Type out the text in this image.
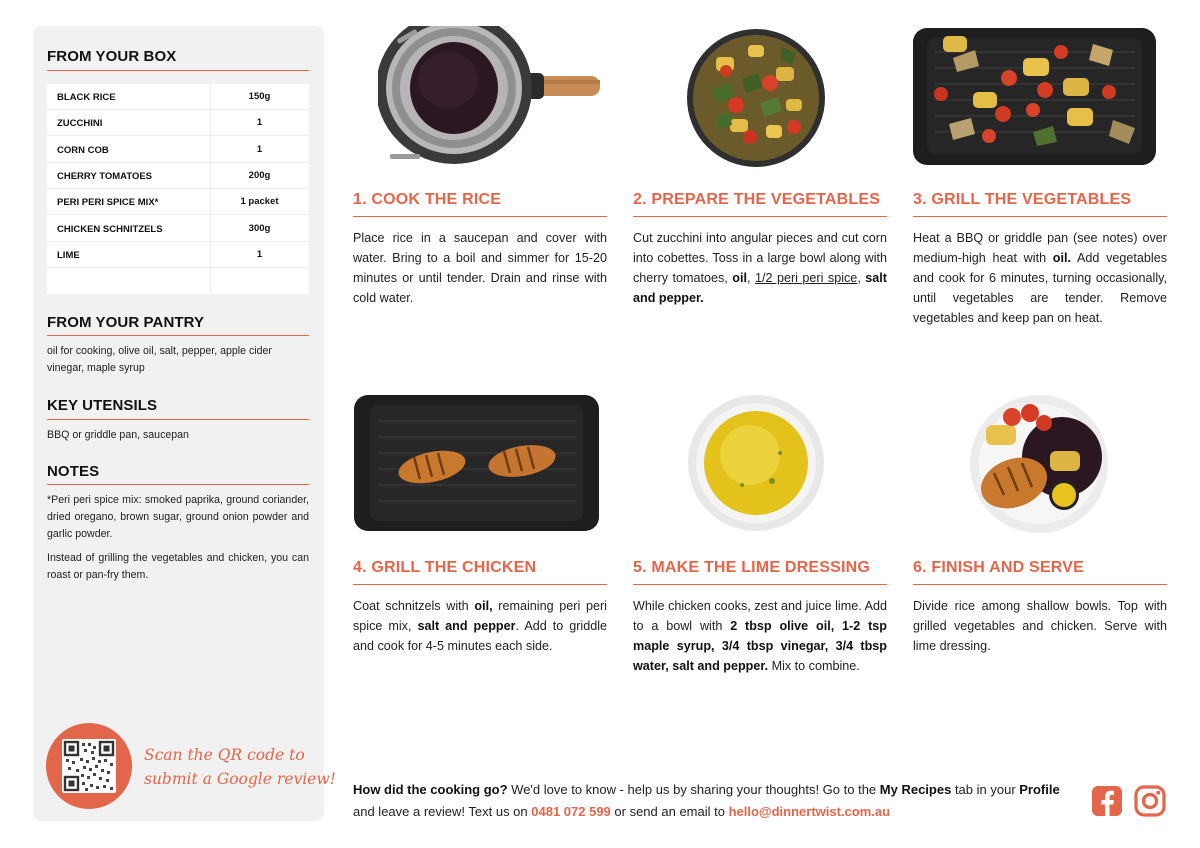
FROM YOUR BOX
BLACK RICE	150g
ZUCCHINI	1
CORN COB	1
CHERRY TOMATOES	200g
PERI PERI SPICE MIX*	1 packet
CHICKEN SCHNITZELS	300g
LIME	1
FROM YOUR PANTRY
oil for cooking, olive oil, salt, pepper, apple cider vinegar, maple syrup
KEY UTENSILS
BBQ or griddle pan, saucepan
NOTES
*Peri peri spice mix: smoked paprika, ground coriander, dried oregano, brown sugar, ground onion powder and garlic powder.
Instead of grilling the vegetables and chicken, you can roast or pan-fry them.
Scan the QR code to
submit a Google review!
1. COOK THE RICE
Place rice in a saucepan and cover with water. Bring to a boil and simmer for 15-20 minutes or until tender. Drain and rinse with cold water.
2. PREPARE THE VEGETABLES
Cut zucchini into angular pieces and cut corn into cobettes. Toss in a large bowl along with cherry tomatoes, oil, 1/2 peri peri spice, salt and pepper.
3. GRILL THE VEGETABLES
Heat a BBQ or griddle pan (see notes) over medium-high heat with oil. Add vegetables and cook for 6 minutes, turning occasionally, until vegetables are tender. Remove vegetables and keep pan on heat.
4. GRILL THE CHICKEN
Coat schnitzels with oil, remaining peri peri spice mix, salt and pepper. Add to griddle and cook for 4-5 minutes each side.
5. MAKE THE LIME DRESSING
While chicken cooks, zest and juice lime. Add to a bowl with 2 tbsp olive oil, 1-2 tsp maple syrup, 3/4 tbsp vinegar, 3/4 tbsp water, salt and pepper. Mix to combine.
6. FINISH AND SERVE
Divide rice among shallow bowls. Top with grilled vegetables and chicken. Serve with lime dressing.
How did the cooking go? We'd love to know - help us by sharing your thoughts! Go to the My Recipes tab in your Profile and leave a review! Text us on 0481 072 599 or send an email to hello@dinnertwist.com.au
